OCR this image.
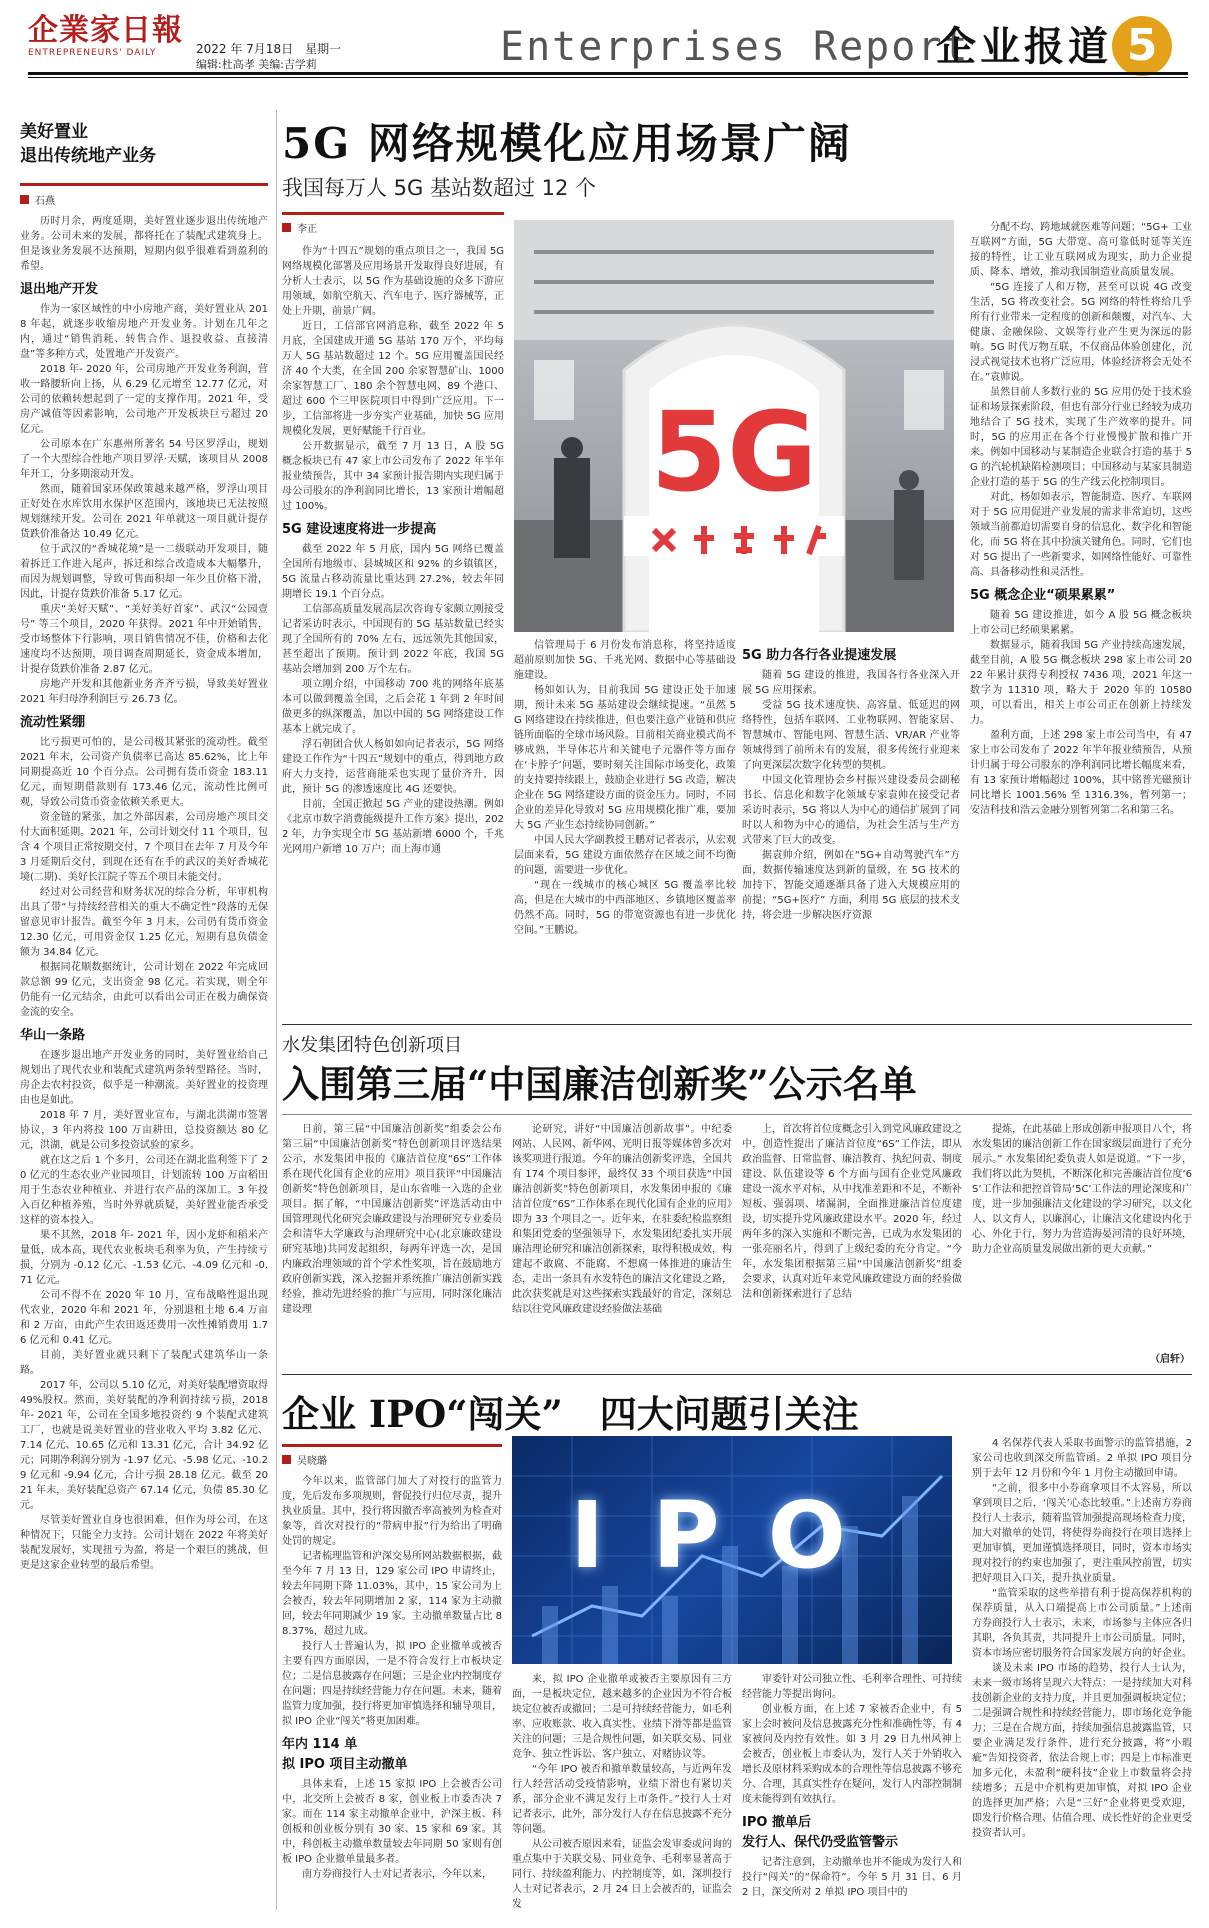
企業家日報
ENTREPRENEURS' DAILY	2022 年 7月18日　星期一
编辑:杜高孝 美编:吉学莉	Enterprises Report
企业报道 5
美好置业
退出传统地产业务
石燕

历时月余，两度延期，美好置业逐步退出传统地产业务。公司未来的发展，都将托在了装配式建筑身上。但是该业务发展不达预期，短期内似乎很难看到盈利的希望。

退出地产开发

作为一家区域性的中小房地产商，美好置业从 2018 年起，就逐步收缩房地产开发业务。计划在几年之内，通过“销售消耗、转售合作、退投收益、直接清盘”等多种方式，处置地产开发资产。

2018 年- 2020 年，公司房地产开发业务利润，营收一路腰斩向上扬，从 6.29 亿元增至 12.77 亿元，对公司的依赖转想起到了一定的支撑作用。2021 年，受房产减值等因素影响，公司地产开发板块巨亏超过 20 亿元。

公司原本在广东惠州所著名 54 号区罗浮山，规划了一个大型综合性地产项目罗浮·天赋，该项目从 2008 年开工，分多期滚动开发。

然而，随着国家环保政策越来越严格，罗浮山项目正好处在水库饮用水保护区范围内，该地块已无法按照规划继续开发。公司在 2021 年单就这一项目就计提存货跌价准备达 10.49 亿元。

位于武汉的“香城花境”是一二级联动开发项目，随着拆迁工作进入尾声，拆迁和综合改造成本大幅攀升，而因为规划调整，导致可售面积却一年少且价格下滑，因此，计提存货跌价准备 5.17 亿元。

重庆“美好天赋”、“美好美好首家”、武汉“公园壹号” 等三个项目，2020 年获得。2021 年中开始销售，受市场整体下行影响，项目销售情况不佳，价格和去化速度均不达预期，项目调查周期延长，资金成本增加，计提存货跌价准备 2.87 亿元。

房地产开发和其他新业务齐齐亏损，导致美好置业 2021 年归母净利润巨亏 26.73 亿。

流动性紧绷

比亏损更可怕的，是公司极其紧张的流动性。截至 2021 年末，公司资产负债率已高达 85.62%，比上年同期提高近 10 个百分点。公司拥有货币资金 183.11 亿元，而短期借款则有 173.46 亿元，流动性比例可观，导致公司货币资金依赖关系更大。

资金链的紧张，加之外部因素，公司房地产项目交付大面积延期。2021 年，公司计划交付 11 个项目，包含 4 个项目正常按期交付，7 个项目在去年 7 月及今年 3 月延期后交付，到现在还有在手的武汉的美好香城花境(二期)、美好长江院子等五个项目未能交付。

经过对公司经营和财务状况的综合分析，年审机构出具了带“与持续经营相关的重大不确定性”段落的无保留意见审计报告。截至今年 3 月末，公司仍有货币资金 12.30 亿元，可用资金仅 1.25 亿元，短期有息负债金额为 34.84 亿元。

根据同花顺数据统计，公司计划在 2022 年完成回款总额 99 亿元，支出资金 98 亿元。若实现，则全年仍能有一亿元结余，由此可以看出公司正在极力确保资金流的安全。

华山一条路

在逐步退出地产开发业务的同时，美好置业给自己规划出了现代农业和装配式建筑两条转型路径。当时，房企去农村投资，似乎是一种潮流。美好置业的投资理由也是如此。

2018 年 7 月，美好置业宣布，与湖北洪湖市签署协议，3 年内将投 100 万亩耕田，总投资额达 80 亿元，洪湖，就是公司多投资试验的家乡。

就在这之后 1 个多月，公司还在湖北监利签下了 20 亿元的生态农业产业园项目，计划流转 100 万亩稻田用于生态农业种植业、并进行农产品的深加工。3 年投入百亿种植养殖，当时外界就质疑，美好置业能否承受这样的资本投入。

果不其然，2018 年- 2021 年，因小龙虾和稻米产量低，成本高，现代农业板块毛利率为负，产生持续亏损，分别为 -0.12 亿元、-1.53 亿元、-4.09 亿元和 -0.71 亿元。

公司不得不在 2020 年 10 月，宣布战略性退出现代农业，2020 年和 2021 年，分别退租土地 6.4 万亩和 2 万亩，由此产生农田返还费用一次性摊销费用 1.76 亿元和 0.41 亿元。

目前，美好置业就只剩下了装配式建筑华山一条路。

2017 年，公司以 5.10 亿元，对美好装配增资取得 49%股权。然而，美好装配的净利润持续亏损，2018 年- 2021 年，公司在全国多地投资约 9 个装配式建筑工厂，也就是说美好置业的营业收入平均 3.82 亿元、7.14 亿元、10.65 亿元和 13.31 亿元，合计 34.92 亿元；同期净利润分别为 -1.97 亿元、-5.98 亿元、-10.29 亿元和 -9.94 亿元，合计亏损 28.18 亿元。截至 2021 年末，美好装配总资产 67.14 亿元，负债 85.30 亿元。

尽管美好置业自身也很困难，但作为母公司，在这种情况下，只能全力支持。公司计划在 2022 年将美好装配发展好，实现扭亏为盈，将是一个艰巨的挑战，但更是这家企业转型的最后希望。

5G 网络规模化应用场景广阔
我国每万人 5G 基站数超过 12 个
李正

作为“十四五”规划的重点项目之一，我国 5G 网络规模化部署及应用场景开发取得良好进展，有分析人士表示，以 5G 作为基础设施的众多下游应用领域，如航空航天、汽车电子、医疗器械等，正处上升期，前景广阔。

近日，工信部官网消息称，截至 2022 年 5 月底，全国建成开通 5G 基站 170 万个，平均每万人 5G 基站数超过 12 个。5G 应用覆盖国民经济 40 个大类，在全国 200 余家智慧矿山、1000 余家智慧工厂、180 余个智慧电网、89 个港口、超过 600 个三甲医院项目中得到广泛应用。下一步，工信部将进一步夯实产业基础，加快 5G 应用规模化发展，更好赋能千行百业。

公开数据显示，截至 7 月 13 日，A 股 5G 概念板块已有 47 家上市公司发布了 2022 年半年报业绩预告，其中 34 家预计报告期内实现归属于母公司股东的净利润同比增长，13 家预计增幅超过 100%。

5G 建设速度将进一步提高

截至 2022 年 5 月底，国内 5G 网络已覆盖全国所有地级市、县城城区和 92% 的乡镇镇区，5G 流量占移动流量比重达到 27.2%，较去年同期增长 19.1 个百分点。

工信部高质量发展高层次咨询专家颇立刚接受记者采访时表示，中国现有的 5G 基站数量已经实现了全国所有的 70% 左右，远远领先其他国家，甚至超出了预期。预计到 2022 年底，我国 5G 基站会增加到 200 万个左右。

项立刚介绍，中国移动 700 兆的网络年底基本可以做到覆盖全国，之后会花 1 年到 2 年时间做更多的纵深覆盖，加以中国的 5G 网络建设工作基本上就完成了。

浮石朝团合伙人杨如如向记者表示，5G 网络建设工作作为“十四五”规划中的重点，得到地方政府大力支持，运营商能采也实现了量价齐升，因此，预计 5G 的渗透速度比 4G 还要快。

目前，全国正掀起 5G 产业的建设热潮。例如《北京市数字消费能级提升工作方案》提出，2022 年，力争实现全市 5G 基站新增 6000 个，千兆光网用户新增 10 万户；而上海市通

5G

信管理局于 6 月份发布消息称，将坚持适度超前原则加快 5G、千兆光网、数据中心等基础设施建设。

杨如如认为，目前我国 5G 建设正处于加速期，预计未来 5G 基站建设会继续提速。“虽然 5G 网络建设在持续推进，但也要注意产业链和供应链所面临的全球市场风险。目前相关商业模式尚不够成熟，半导体芯片和关键电子元器件等方面存在‘卡脖子’问题，要时刻关注国际市场变化，政策的支持要持续跟上，鼓励企业进行 5G 改造，解决企业在 5G 网络建设方面的资金压力。同时，不同企业的差异化导致对 5G 应用规模化推广难，要加大 5G 产业生态持续协同创新。”

中国人民大学副教授王鹏对记者表示，从宏观层面来看，5G 建设方面依然存在区域之间不均衡的问题，需要进一步优化。

“现在一线城市的核心城区 5G 覆盖率比较高，但是在大城市的中西部地区、乡镇地区覆盖率仍然不高。同时，5G 的带宽资源也有进一步优化空间。”王鹏说。

5G 助力各行各业提速发展

随着 5G 建设的推进，我国各行各业深入开展 5G 应用探索。

受益 5G 技术速度快、高容量、低延迟的网络特性，包括车联网、工业物联网、智能家居、智慧城市、智能电网、智慧生活、VR/AR 产业等领域得到了前所未有的发展，很多传统行业迎来了向更深层次数字化转型的契机。

中国文化管理协会乡村振兴建设委员会副秘书长、信息化和数字化领域专家袁帅在接受记者采访时表示，5G 将以人为中心的通信扩展到了同时以人和物为中心的通信，为社会生活与生产方式带来了巨大的改变。

据袁帅介绍，例如在“5G+自动驾驶汽车”方面，数据传输速度达到新的量级，在 5G 技术的加持下，智能交通逐渐具备了进入大规模应用的前提；“5G+医疗” 方面，利用 5G 底层的技术支持，将会进一步解决医疗资源

分配不均、跨地域就医难等问题；“5G+ 工业互联网”方面，5G 大带宽、高可靠低时延等关连接的特性，让工业互联网成为现实，助力企业提质、降本、增效，推动我国制造业高质量发展。

“5G 连接了人和万物，甚至可以说 4G 改变生活，5G 将改变社会。5G 网络的特性将给几乎所有行业带来一定程度的创新和颠覆，对汽车、大健康、金融保险、文娱等行业产生更为深远的影响。5G 时代万物互联，不仅商品体验创建化，沉浸式视觉技术也将广泛应用，体验经济将会无处不在。”袁帅说。

虽然目前人多数行业的 5G 应用仍处于技术验证和场景探索阶段，但也有部分行业已经较为成功地结合了 5G 技术，实现了生产效率的提升。同时，5G 的应用正在各个行业慢慢扩散和推广开来。例如中国移动与某制造企业联合打造的基于 5G 的汽轮机缺陷检测项目；中国移动与某家具制造企业打造的基于 5G 的生产线云化控制项目。

对此，杨如如表示，智能制造、医疗、车联网对于 5G 应用促进产业发展的需求非常迫切，这些领域当前都迫切需要自身的信息化、数字化和智能化，而 5G 将在其中扮演关键角色。同时，它们也对 5G 提出了一些新要求，如网络性能好、可靠性高、具备移动性和灵活性。

5G 概念企业“硕果累累”

随着 5G 建设推进，如今 A 股 5G 概念板块上市公司已经硕果累累。

数据显示，随着我国 5G 产业持续高速发展，截至目前，A 股 5G 概念板块 298 家上市公司 2022 年累计获得专利授权 7436 项，2021 年这一数字为 11310 项，略大于 2020 年的 10580 项，可以看出，相关上市公司正在创新上持续发力。

盈利方面，上述 298 家上市公司当中，有 47 家上市公司发布了 2022 年半年报业绩预告，从预计归属于母公司股东的净利润同比增长幅度来看，有 13 家预计增幅超过 100%，其中铭普光磁预计同比增长 1001.56% 至 1316.3%，暂列第一；安洁科技和浩云金融分别暂列第二名和第三名。

水发集团特色创新项目
入围第三届“中国廉洁创新奖”公示名单

日前，第三届“中国廉洁创新奖”组委会公布第三届“中国廉洁创新奖”特色创新项目评选结果公示，水发集团申报的《廉洁首位度“6S”工作体系在现代化国有企业的应用》项目获评“中国廉洁创新奖”特色创新项目，是山东省唯一入选的企业项目。据了解，“中国廉洁创新奖”评选活动由中国管理现代化研究会廉政建设与治理研究专业委员会和清华大学廉政与治理研究中心(北京廉政建设研究基地)共同发起组织，每两年评选一次，是国内廉政治理领域的首个学术性奖项，旨在鼓励地方政府创新实践，深入挖掘并系统推广廉洁创新实践经验，推动先进经验的推广与应用，同时深化廉洁建设理

论研究，讲好“中国廉洁创新故事”。中纪委网站、人民网、新华网、光明日报等媒体曾多次对该奖项进行报道。今年的廉洁创新奖评选，全国共有 174 个项目参评，最终仅 33 个项目获选“中国廉洁创新奖”特色创新项目，水发集团申报的《廉洁首位度“6S”工作体系在现代化国有企业的应用》即为 33 个项目之一。近年来，在驻委纪检监察组和集团党委的坚强领导下，水发集团纪委扎实开展廉洁理论研究和廉洁创新探索，取得积极成效，构建起不敢腐、不能腐、不想腐一体推进的廉洁生态，走出一条具有水发特色的廉洁文化建设之路，此次获奖就是对这些探索实践最好的肯定，深刻总结以往党风廉政建设经验做法基础

上，首次将首位度概念引入到党风廉政建设之中，创造性提出了廉洁首位度“6S”工作法，即从政治监督、日常监督、廉洁教育、执纪问责、制度建设、队伍建设等 6 个方面与国有企业党风廉政建设一流水平对标，从中找准差距和不足，不断补短板、强弱项、堵漏洞，全面推进廉洁首位度建设，切实提升党风廉政建设水平。2020 年，经过两年多的深入实施和不断完善，已成为水发集团的一张亮丽名片，得到了上级纪委的充分肯定。“今年，水发集团根据第三届“中国廉洁创新奖”组委会要求，认真对近年来党风廉政建设方面的经验做法和创新探索进行了总结

提炼，在此基础上形成创新申报项目八个，将水发集团的廉洁创新工作在国家级层面进行了充分展示。” 水发集团纪委负责人如是说道。“下一步，我们将以此为契机，不断深化和完善廉洁首位度‘6S’工作法和把控首管局‘5C’工作法的理论深度和广度，进一步加强廉洁文化建设的学习研究，以文化人、以文育人，以廉润心，让廉洁文化建设内化于心、外化于行，努力为营造海晏河清的良好环境，助力企业高质量发展做出新的更大贡献。”

（启轩）
企业 IPO“闯关”　四大问题引关注
吴晓璐

今年以来，监管部门加大了对投行的监管力度，先后发布多项规则，督促投行归位尽责，提升执业质量。其中，投行将因撤否率高被列为检查对象等，首次对投行的“带病申报”行为给出了明确处罚的规定。

记者梳理监管和沪深交易所网站数据根据，截至今年 7 月 13 日，129 家公司 IPO 申请终止，较去年同期下降 11.03%，其中，15 家公司为上会被否，较去年同期增加 2 家，114 家为主动撤回，较去年同期减少 19 家。主动撤单数量占比 88.37%，超过九成。

投行人士普遍认为，拟 IPO 企业撤单或被否主要有四方面原因，一是不符合发行上市板块定位；二是信息披露存在问题；三是企业内控制度存在问题；四是持续经营能力存在问题。未来，随着监管力度加强，投行将更加审慎选择和辅导项目，拟 IPO 企业“闯关”将更加困难。

年内 114 单
拟 IPO 项目主动撤单

具体来看，上述 15 家拟 IPO 上会被否公司中，北交所上会被否 8 家，创业板上市委否决 7 家。而在 114 家主动撤单企业中，沪深主板、科创板和创业板分别有 30 家、15 家和 69 家。其中，科创板主动撤单数量较去年同期 50 家则有创板 IPO 企业撤单量最多者。

南方券商投行人士对记者表示，今年以来，

IPO

来，拟 IPO 企业撤单或被否主要原因有三方面，一是板块定位，越来越多的企业因为不符合板块定位被否或撤回；二是可持续经营能力，如毛利率、应收账款、收入真实性、业绩下滑等都是监管关注的问题；三是合规性问题，如关联交易、同业竞争、独立性诉讼、客户独立、对赌协议等。

“今年 IPO 被否和撤单数量较高，与近两年发行人经营活动受疫情影响，业绩下滑也有紧切关系，部分企业不满足发行上市条件。”投行人士对记者表示，此外，部分发行人存在信息披露不充分等问题。

从公司被否原因来看，证监会发审委或问询的重点集中于关联交易、同业竞争、毛利率显著高于同行、持续盈利能力、内控制度等，如，深圳投行人士对记者表示，2 月 24 日上会被否的，证监会发

审委针对公司独立性、毛利率合理性、可持续经营能力等提出询问。

创业板方面，在上述 7 家被否企业中，有 5 家上会时被问及信息披露充分性和准确性等，有 4 家被问及内控有效性。如 3 月 29 日九州风神上会被否，创业板上市委认为，发行人关于外销收入增长及原材料采购成本的合理性等信息披露不够充分、合理，其真实性存在疑问，发行人内部控制制度未能得到有效执行。

IPO 撤单后
发行人、保代仍受监管警示

记者注意到，主动撤单也并不能成为发行人和投行“闯关”的“保命符”。今年 5 月 31 日、6 月 2 日，深交所对 2 单拟 IPO 项目中的

4 名保荐代表人采取书面警示的监管措施，2 家公司也收到深交所监管函。2 单拟 IPO 项目分别于去年 12 月份和今年 1 月份主动撤回申请。

“之前，很多中小券商拿项目不太容易，所以拿到项目之后，‘闯关’心态比较重。”上述南方券商投行人士表示，随着监管加强提高现场检查力度，加大对撤单的处罚，将使得券商投行在项目选择上更加审慎，更加谨慎选择项目，同时，资本市场实现对投行的约束也加强了，更注重风控前置，切实把好项目入口关，提升执业质量。

“监管采取的这些举措有利于提高保荐机构的保荐质量，从入口端提高上市公司质量。”上述南方券商投行人士表示，未来，市场参与主体应各归其职，各负其责，共同提升上市公司质量。同时，资本市场应密切服务符合国家发展方向的好企业。

谈及未来 IPO 市场的趋势，投行人士认为，未来一级市场将呈现六大特点：一是持续加大对科技创新企业的支持力度，并且更加强调板块定位；二是强调合规性和持续经营能力，即市场化竞争能力；三是在合规方面，持续加强信息披露监管，只要企业满足发行条件，进行充分披露，将“小瑕疵”告知投资者，依法合规上市；四是上市标准更加多元化，未盈利“硬科技”企业上市数量将会持续增多；五是中介机构更加审慎，对拟 IPO 企业的选择更加严格；六是“三好”企业将更受欢迎，即发行价格合理、估值合理、成长性好的企业更受投资者认可。
